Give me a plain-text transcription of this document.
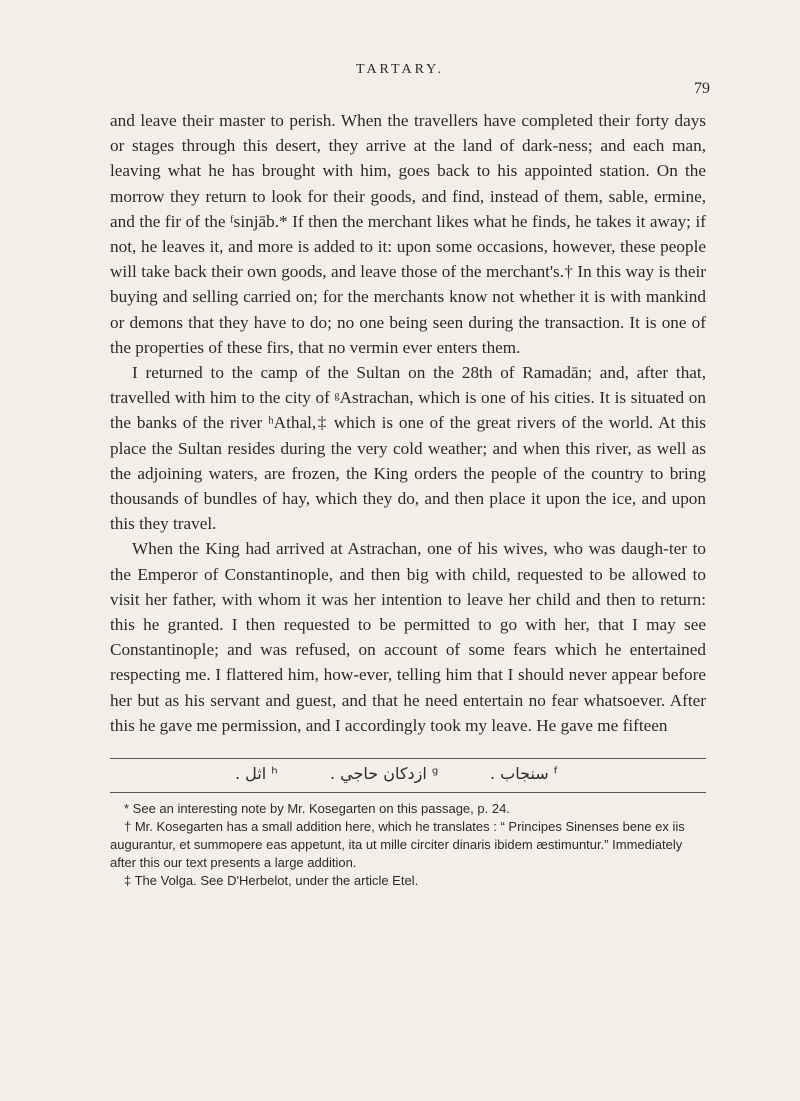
TARTARY.
79

and leave their master to perish. When the travellers have completed their forty days or stages through this desert, they arrive at the land of dark-ness; and each man, leaving what he has brought with him, goes back to his appointed station. On the morrow they return to look for their goods, and find, instead of them, sable, ermine, and the fir of the ᶠsinjāb.* If then the merchant likes what he finds, he takes it away; if not, he leaves it, and more is added to it: upon some occasions, however, these people will take back their own goods, and leave those of the merchant's.† In this way is their buying and selling carried on; for the merchants know not whether it is with mankind or demons that they have to do; no one being seen during the transaction. It is one of the properties of these firs, that no vermin ever enters them.

I returned to the camp of the Sultan on the 28th of Ramadān; and, after that, travelled with him to the city of ᵍAstrachan, which is one of his cities. It is situated on the banks of the river ʰAthal,‡ which is one of the great rivers of the world. At this place the Sultan resides during the very cold weather; and when this river, as well as the adjoining waters, are frozen, the King orders the people of the country to bring thousands of bundles of hay, which they do, and then place it upon the ice, and upon this they travel.

When the King had arrived at Astrachan, one of his wives, who was daugh-ter to the Emperor of Constantinople, and then big with child, requested to be allowed to visit her father, with whom it was her intention to leave her child and then to return: this he granted. I then requested to be permitted to go with her, that I may see Constantinople; and was refused, on account of some fears which he entertained respecting me. I flattered him, how-ever, telling him that I should never appear before her but as his servant and guest, and that he need entertain no fear whatsoever. After this he gave me permission, and I accordingly took my leave. He gave me fifteen

. اثل ʰ	. ازدكان حاجي ᵍ	. سنجاب ᶠ

* See an interesting note by Mr. Kosegarten on this passage, p. 24.

† Mr. Kosegarten has a small addition here, which he translates : “ Principes Sinenses bene ex iis augurantur, et summopere eas appetunt, ita ut mille circiter dinaris ibidem æstimuntur.” Immediately after this our text presents a large addition.

‡ The Volga. See D'Herbelot, under the article Etel.
